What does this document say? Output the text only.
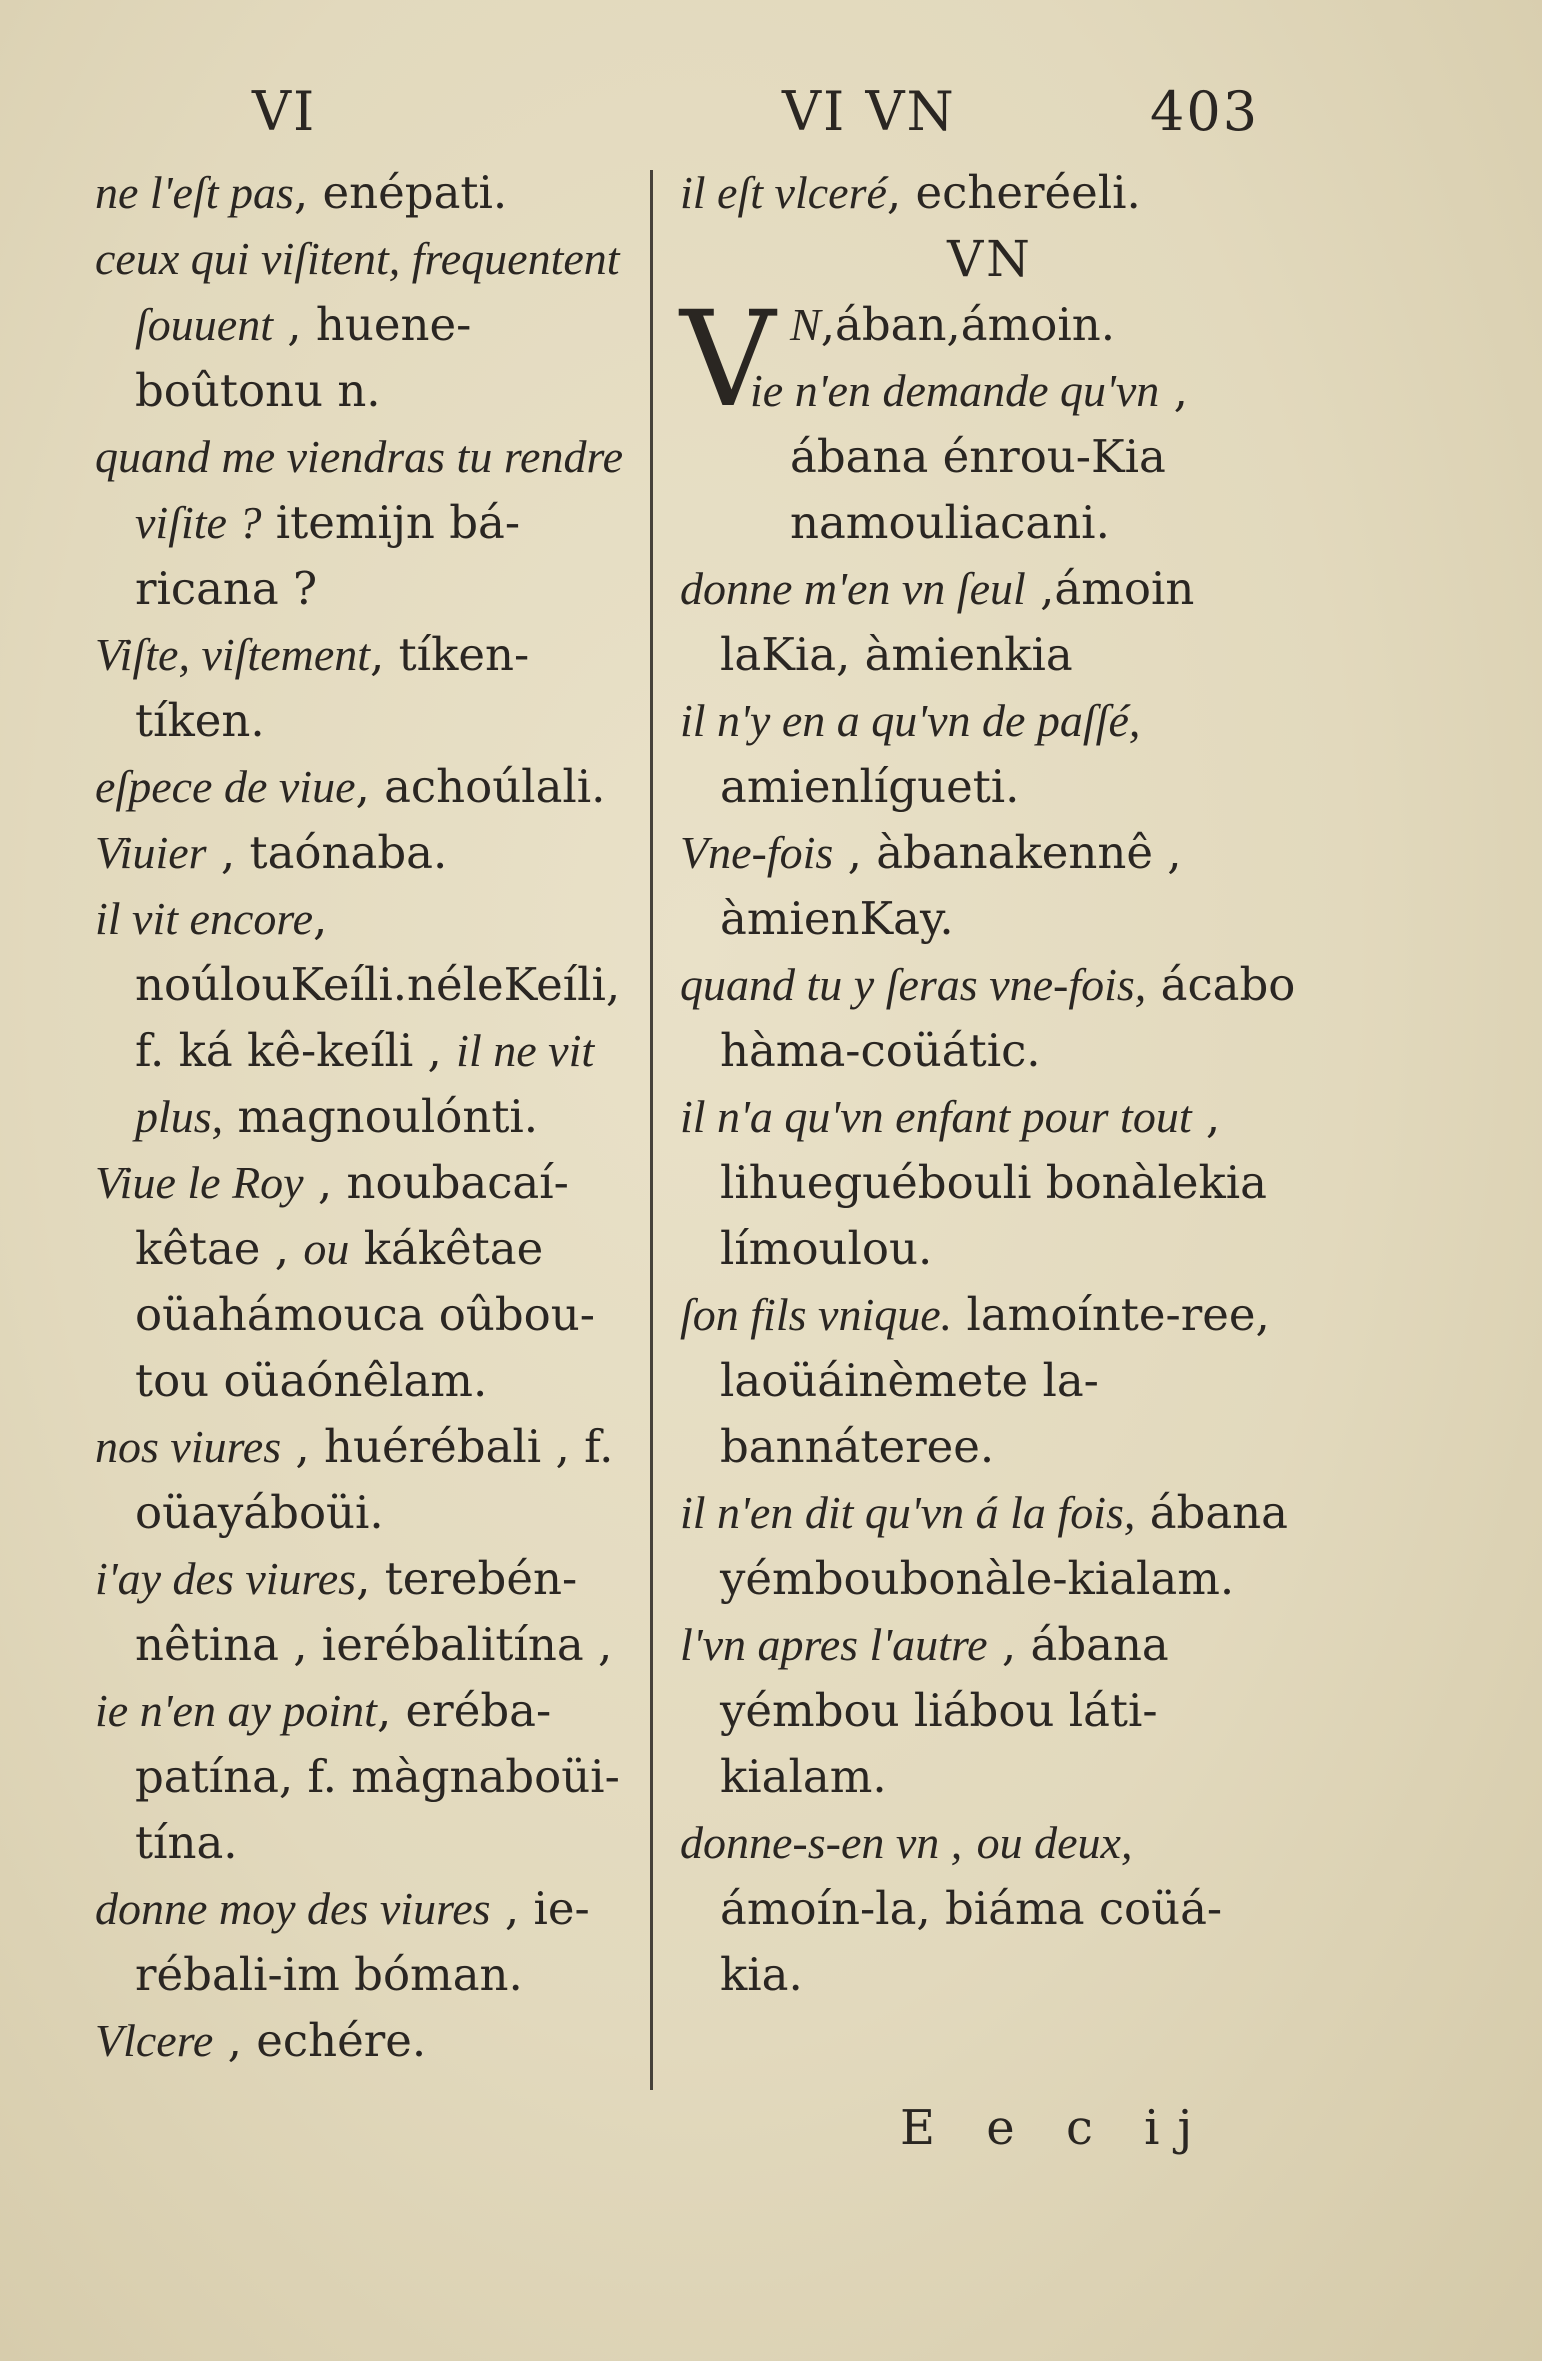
VI	VI VN	403

ne l'eſt pas, enépati.

ceux qui viſitent, frequentent ſouuent , huene-boûtonu n.

quand me viendras tu rendre viſite ? itemijn bá-ricana ?

Viſte, viſtement, tíken-tíken.

eſpece de viue, achoúlali.

Viuier , taónaba.

il vit encore, noúlouKeíli.néleKeíli, f. ká kê-keíli , il ne vit plus, magnoulónti.

Viue le Roy , noubacaí-kêtae , ou kákêtae oüahámouca oûbou-tou oüaónêlam.

nos viures , huérébali , f. oüayáboüi.

i'ay des viures, terebén-nêtina , ierébalitína ,

ie n'en ay point, eréba-patína, f. màgnaboüi-tína.

donne moy des viures , ie-rébali-im bóman.

Vlcere , echére.

il eſt vlceré, echeréeli.

VN

V N,ában,ámoin.

ie n'en demande qu'vn , ábana énrou-Kia namouliacani.

donne m'en vn ſeul ,ámoin laKia, àmienkia

il n'y en a qu'vn de paſſé, amienlígueti.

Vne-fois , àbanakennê , àmienKay.

quand tu y ſeras vne-fois, ácabo hàma-coüátic.

il n'a qu'vn enfant pour tout , lihueguébouli bonàlekia límoulou.

ſon fils vnique. lamoínte-ree, laoüáinèmete la-bannáteree.

il n'en dit qu'vn á la fois, ábana yémboubonàle-kialam.

l'vn apres l'autre , ábana yémbou liábou láti-kialam.

donne-s-en vn , ou deux, ámoín-la, biáma coüá-kia.

E e c ij
